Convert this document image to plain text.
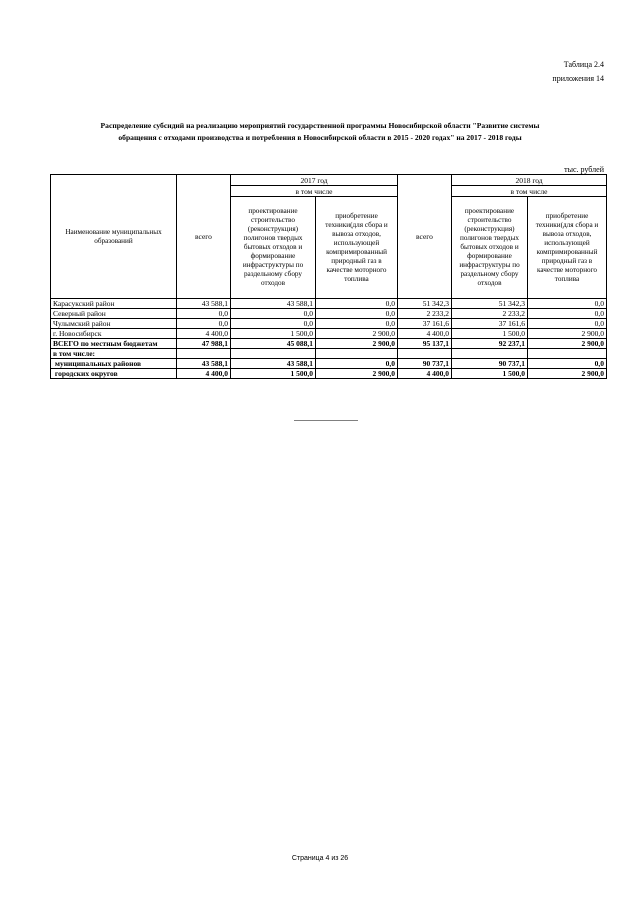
Таблица 2.4
приложения 14
Распределение субсидий на реализацию мероприятий государственной программы Новосибирской области "Развитие системы
обращения с отходами производства и потребления в Новосибирской области в 2015 - 2020 годах" на 2017 - 2018 годы
тыс. рублей
Наименование муниципальных образований	всего	2017 год		всего	2018 год	
		в том числе			в том числе	
		проектирование строительство (реконструкция) полигонов твердых бытовых отходов и формирование инфраструктуры по раздельному сбору отходов	приобретение техники(для сбора и вывоза отходов, использующей компримированный природный газ в качестве моторного топлива		проектирование строительство (реконструкция) полигонов твердых бытовых отходов и формирование инфраструктуры по раздельному сбору отходов	приобретение техники(для сбора и вывоза отходов, использующей компримированный природный газ в качестве моторного топлива
Карасукский район	43 588,1	43 588,1	0,0	51 342,3	51 342,3	0,0
Северный район	0,0	0,0	0,0	2 233,2	2 233,2	0,0
Чулымский район	0,0	0,0	0,0	37 161,6	37 161,6	0,0
г. Новосибирск	4 400,0	1 500,0	2 900,0	4 400,0	1 500,0	2 900,0
ВСЕГО по местным бюджетам	47 988,1	45 088,1	2 900,0	95 137,1	92 237,1	2 900,0
в том числе:						
муниципальных районов	43 588,1	43 588,1	0,0	90 737,1	90 737,1	0,0
городских округов	4 400,0	1 500,0	2 900,0	4 400,0	1 500,0	2 900,0
Страница 4 из 26
